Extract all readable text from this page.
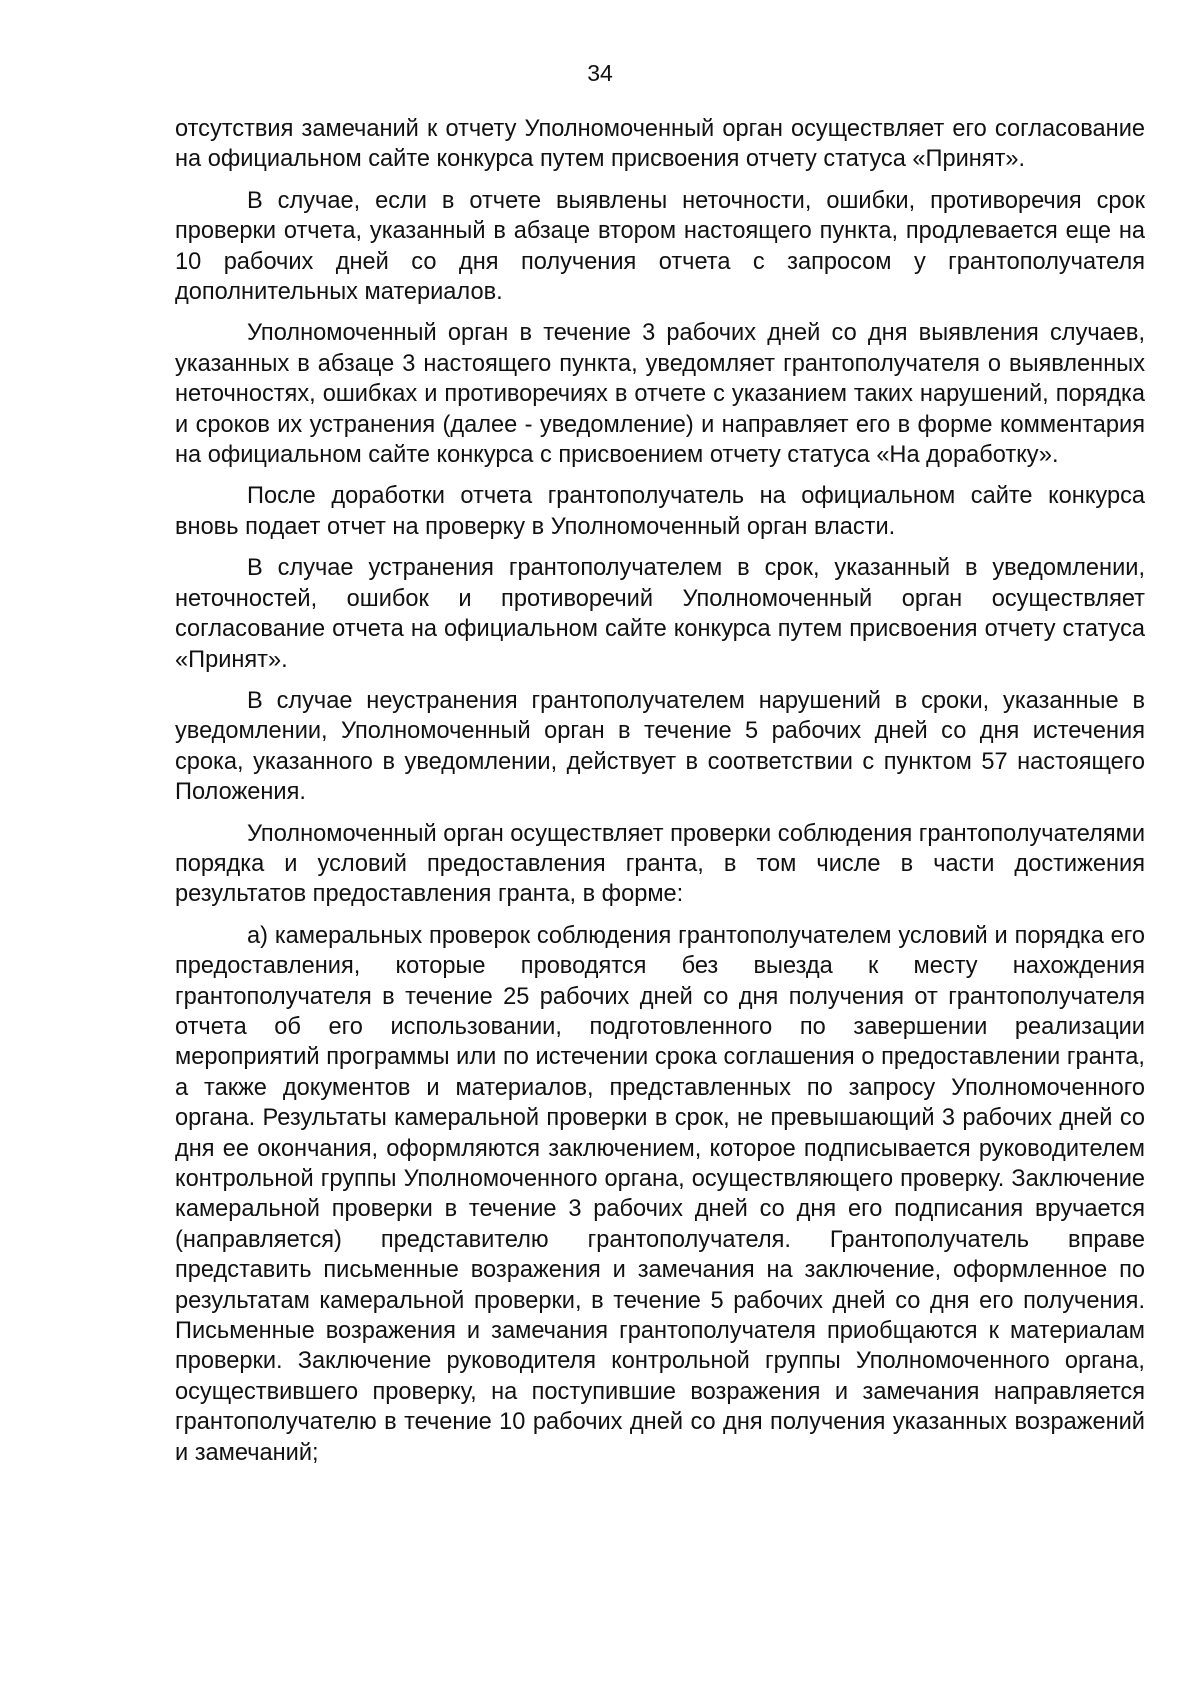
34

отсутствия замечаний к отчету Уполномоченный орган осуществляет его согласование на официальном сайте конкурса путем присвоения отчету статуса «Принят».

В случае, если в отчете выявлены неточности, ошибки, противоречия срок проверки отчета, указанный в абзаце втором настоящего пункта, продлевается еще на 10 рабочих дней со дня получения отчета с запросом у грантополучателя дополнительных материалов.

Уполномоченный орган в течение 3 рабочих дней со дня выявления случаев, указанных в абзаце 3 настоящего пункта, уведомляет грантополучателя о выявленных неточностях, ошибках и противоречиях в отчете с указанием таких нарушений, порядка и сроков их устранения (далее - уведомление) и направляет его в форме комментария на официальном сайте конкурса с присвоением отчету статуса «На доработку».

После доработки отчета грантополучатель на официальном сайте конкурса вновь подает отчет на проверку в Уполномоченный орган власти.

В случае устранения грантополучателем в срок, указанный в уведомлении, неточностей, ошибок и противоречий Уполномоченный орган осуществляет согласование отчета на официальном сайте конкурса путем присвоения отчету статуса «Принят».

В случае неустранения грантополучателем нарушений в сроки, указанные в уведомлении, Уполномоченный орган в течение 5 рабочих дней со дня истечения срока, указанного в уведомлении, действует в соответствии с пунктом 57 настоящего Положения.

Уполномоченный орган осуществляет проверки соблюдения грантополучателями порядка и условий предоставления гранта, в том числе в части достижения результатов предоставления гранта, в форме:

а) камеральных проверок соблюдения грантополучателем условий и порядка его предоставления, которые проводятся без выезда к месту нахождения грантополучателя в течение 25 рабочих дней со дня получения от грантополучателя отчета об его использовании, подготовленного по завершении реализации мероприятий программы или по истечении срока соглашения о предоставлении гранта, а также документов и материалов, представленных по запросу Уполномоченного органа. Результаты камеральной проверки в срок, не превышающий 3 рабочих дней со дня ее окончания, оформляются заключением, которое подписывается руководителем контрольной группы Уполномоченного органа, осуществляющего проверку. Заключение камеральной проверки в течение 3 рабочих дней со дня его подписания вручается (направляется) представителю грантополучателя. Грантополучатель вправе представить письменные возражения и замечания на заключение, оформленное по результатам камеральной проверки, в течение 5 рабочих дней со дня его получения. Письменные возражения и замечания грантополучателя приобщаются к материалам проверки. Заключение руководителя контрольной группы Уполномоченного органа, осуществившего проверку, на поступившие возражения и замечания направляется грантополучателю в течение 10 рабочих дней со дня получения указанных возражений и замечаний;
